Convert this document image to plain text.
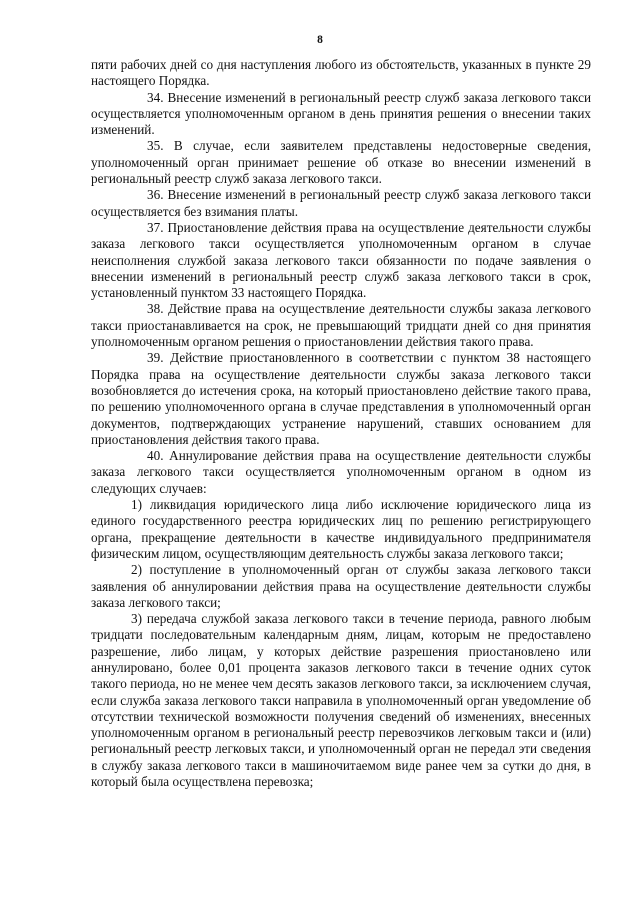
8

пяти рабочих дней со дня наступления любого из обстоятельств, указанных в пункте 29 настоящего Порядка.

34. Внесение изменений в региональный реестр служб заказа легкового такси осуществляется уполномоченным органом в день принятия решения о внесении таких изменений.

35. В случае, если заявителем представлены недостоверные сведения, уполномоченный орган принимает решение об отказе во внесении изменений в региональный реестр служб заказа легкового такси.

36. Внесение изменений в региональный реестр служб заказа легкового такси осуществляется без взимания платы.

37. Приостановление действия права на осуществление деятельности службы заказа легкового такси осуществляется уполномоченным органом в случае неисполнения службой заказа легкового такси обязанности по подаче заявления о внесении изменений в региональный реестр служб заказа легкового такси в срок, установленный пунктом 33 настоящего Порядка.

38. Действие права на осуществление деятельности службы заказа легкового такси приостанавливается на срок, не превышающий тридцати дней со дня принятия уполномоченным органом решения о приостановлении действия такого права.

39. Действие приостановленного в соответствии с пунктом 38 настоящего Порядка права на осуществление деятельности службы заказа легкового такси возобновляется до истечения срока, на который приостановлено действие такого права, по решению уполномоченного органа в случае представления в уполномоченный орган документов, подтверждающих устранение нарушений, ставших основанием для приостановления действия такого права.

40. Аннулирование действия права на осуществление деятельности службы заказа легкового такси осуществляется уполномоченным органом в одном из следующих случаев:

1) ликвидация юридического лица либо исключение юридического лица из единого государственного реестра юридических лиц по решению регистрирующего органа, прекращение деятельности в качестве индивидуального предпринимателя физическим лицом, осуществляющим деятельность службы заказа легкового такси;

2) поступление в уполномоченный орган от службы заказа легкового такси заявления об аннулировании действия права на осуществление деятельности службы заказа легкового такси;

3) передача службой заказа легкового такси в течение периода, равного любым тридцати последовательным календарным дням, лицам, которым не предоставлено разрешение, либо лицам, у которых действие разрешения приостановлено или аннулировано, более 0,01 процента заказов легкового такси в течение одних суток такого периода, но не менее чем десять заказов легкового такси, за исключением случая, если служба заказа легкового такси направила в уполномоченный орган уведомление об отсутствии технической возможности получения сведений об изменениях, внесенных уполномоченным органом в региональный реестр перевозчиков легковым такси и (или) региональный реестр легковых такси, и уполномоченный орган не передал эти сведения в службу заказа легкового такси в машиночитаемом виде ранее чем за сутки до дня, в который была осуществлена перевозка;
